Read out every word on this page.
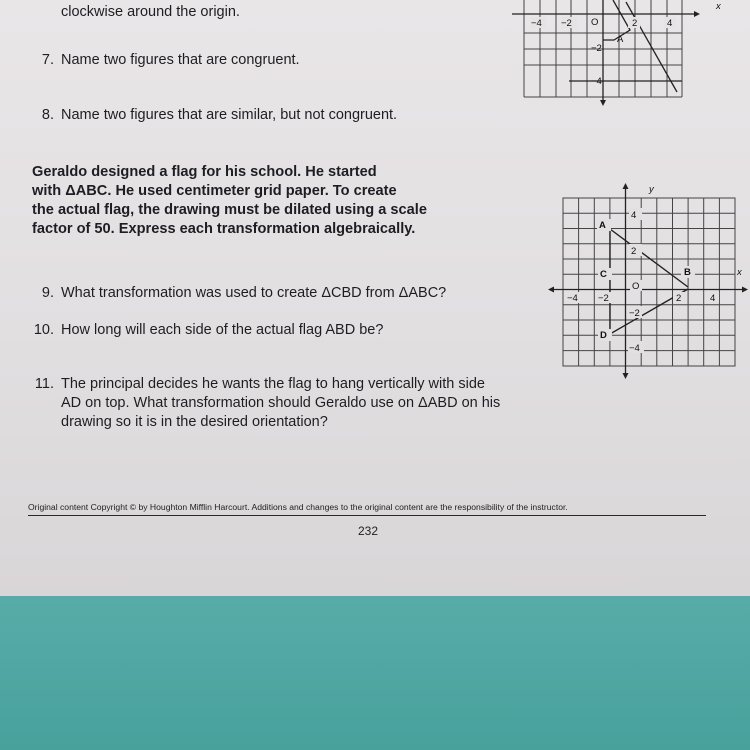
clockwise around the origin.
7. Name two figures that are congruent.
8. Name two figures that are similar, but not congruent.
Geraldo designed a flag for his school. He started
with ΔABC. He used centimeter grid paper. To create
the actual flag, the drawing must be dilated using a scale
factor of 50. Express each transformation algebraically.
9. What transformation was used to create ΔCBD from ΔABC?
10. How long will each side of the actual flag ABD be?
11. The principal decides he wants the flag to hang vertically with side
AD on top. What transformation should Geraldo use on ΔABD on his
drawing so it is in the desired orientation?
−4 −2 O	2	4
−2
−4
x
A
−4 −2
O
2	4
4
2
−2
−4
x
y
A
B
C
D
Original content Copyright © by Houghton Mifflin Harcourt. Additions and changes to the original content are the responsibility of the instructor.
232
